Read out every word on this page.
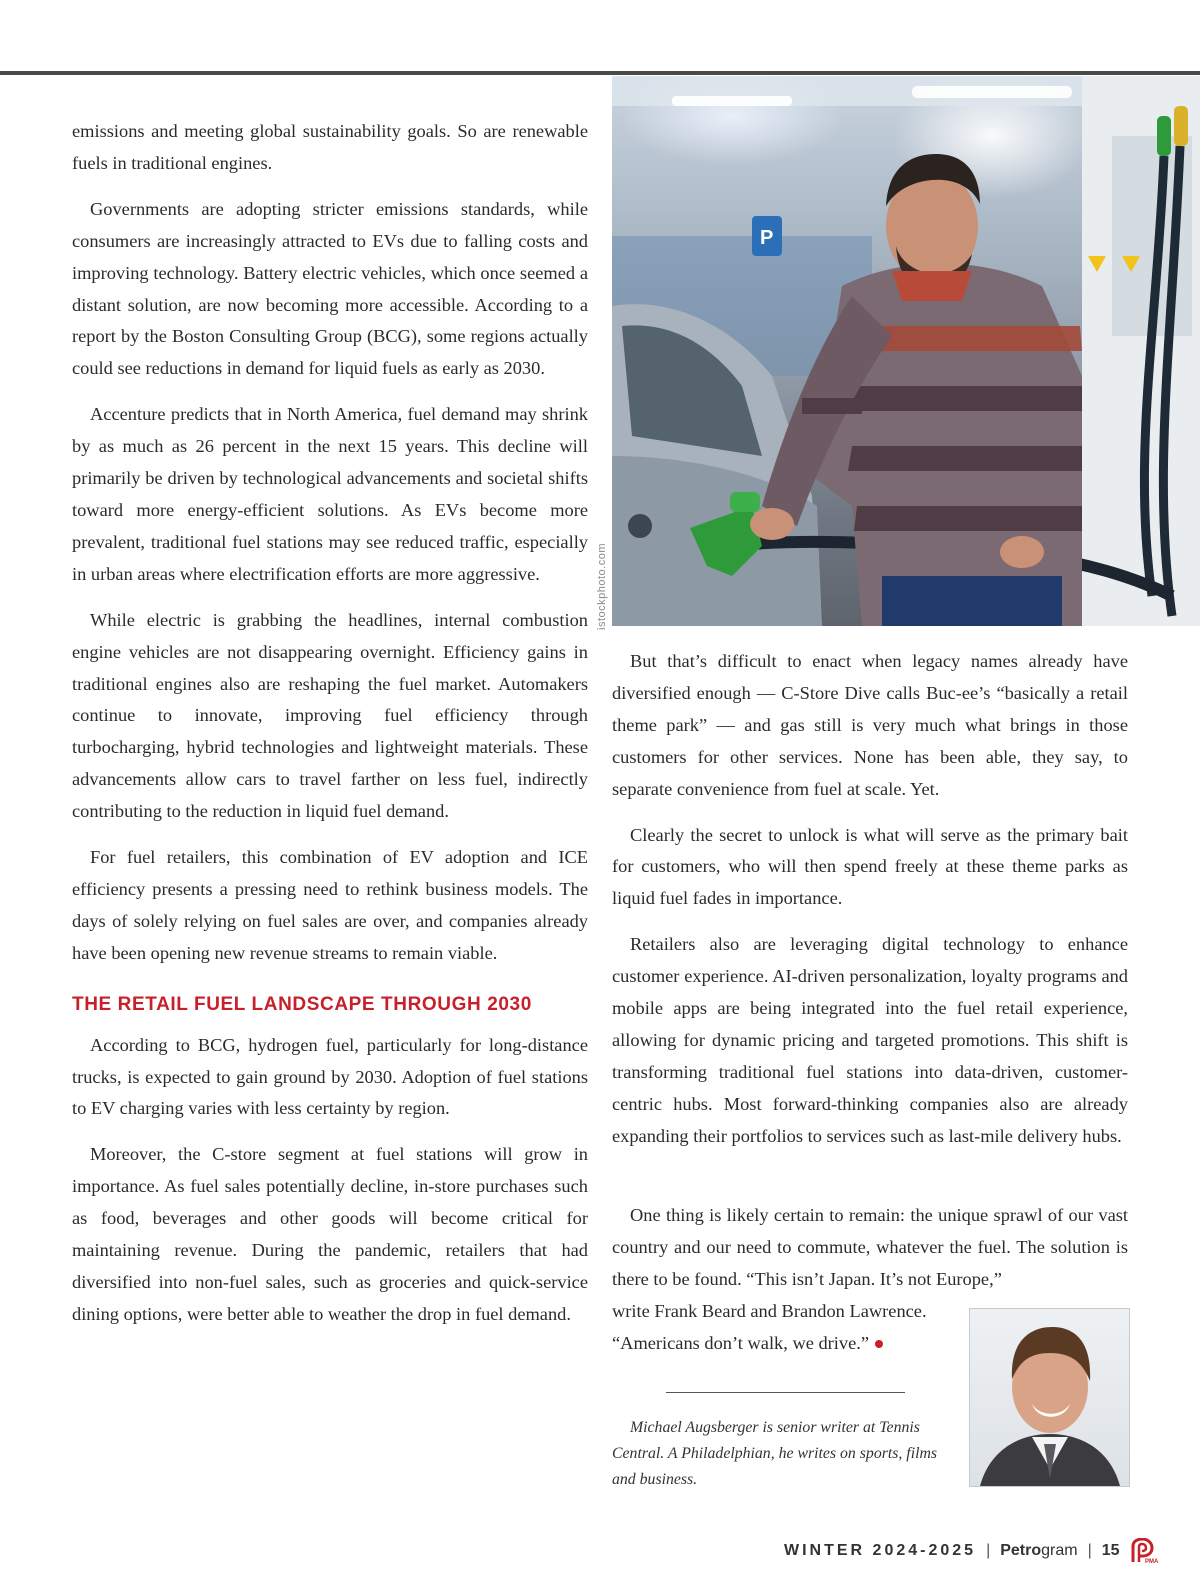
emissions and meeting global sustainability goals. So are renewable fuels in traditional engines.

Governments are adopting stricter emissions standards, while consumers are increasingly attracted to EVs due to falling costs and improving technology. Battery electric vehicles, which once seemed a distant solution, are now becoming more accessible. According to a report by the Boston Consulting Group (BCG), some regions actually could see reductions in demand for liquid fuels as early as 2030.

Accenture predicts that in North America, fuel demand may shrink by as much as 26 percent in the next 15 years. This decline will primarily be driven by technological advancements and societal shifts toward more energy-efficient solutions. As EVs become more prevalent, traditional fuel stations may see reduced traffic, especially in urban areas where electrification efforts are more aggressive.

While electric is grabbing the headlines, internal combustion engine vehicles are not disappearing overnight. Efficiency gains in traditional engines also are reshaping the fuel market. Automakers continue to innovate, improving fuel efficiency through turbocharging, hybrid technologies and lightweight materials. These advancements allow cars to travel farther on less fuel, indirectly contributing to the reduction in liquid fuel demand.

For fuel retailers, this combination of EV adoption and ICE efficiency presents a pressing need to rethink business models. The days of solely relying on fuel sales are over, and companies already have been opening new revenue streams to remain viable.

THE RETAIL FUEL LANDSCAPE THROUGH 2030

According to BCG, hydrogen fuel, particularly for long-distance trucks, is expected to gain ground by 2030. Adoption of fuel stations to EV charging varies with less certainty by region.

Moreover, the C-store segment at fuel stations will grow in importance. As fuel sales potentially decline, in-store purchases such as food, beverages and other goods will become critical for maintaining revenue. During the pandemic, retailers that had diversified into non-fuel sales, such as groceries and quick-service dining options, were better able to weather the drop in fuel demand.

P
istockphoto.com

But that’s difficult to enact when legacy names already have diversified enough — C-Store Dive calls Buc-ee’s “basically a retail theme park” — and gas still is very much what brings in those customers for other services. None has been able, they say, to separate convenience from fuel at scale. Yet.

Clearly the secret to unlock is what will serve as the primary bait for customers, who will then spend freely at these theme parks as liquid fuel fades in importance.

Retailers also are leveraging digital technology to enhance customer experience. AI-driven personalization, loyalty programs and mobile apps are being integrated into the fuel retail experience, allowing for dynamic pricing and targeted promotions. This shift is transforming traditional fuel stations into data-driven, customer-centric hubs. Most forward-thinking companies also are already expanding their portfolios to services such as last-mile delivery hubs.

One thing is likely certain to remain: the unique sprawl of our vast country and our need to commute, whatever the fuel. The solution is there to be found. “This isn’t Japan. It’s not Europe,”
write Frank Beard and Brandon Lawrence.
“Americans don’t walk, we drive.”

Michael Augsberger is senior writer at Tennis Central. A Philadelphian, he writes on sports, films and business.

WINTER 2024-2025 | Petrogram | 15
PMA
